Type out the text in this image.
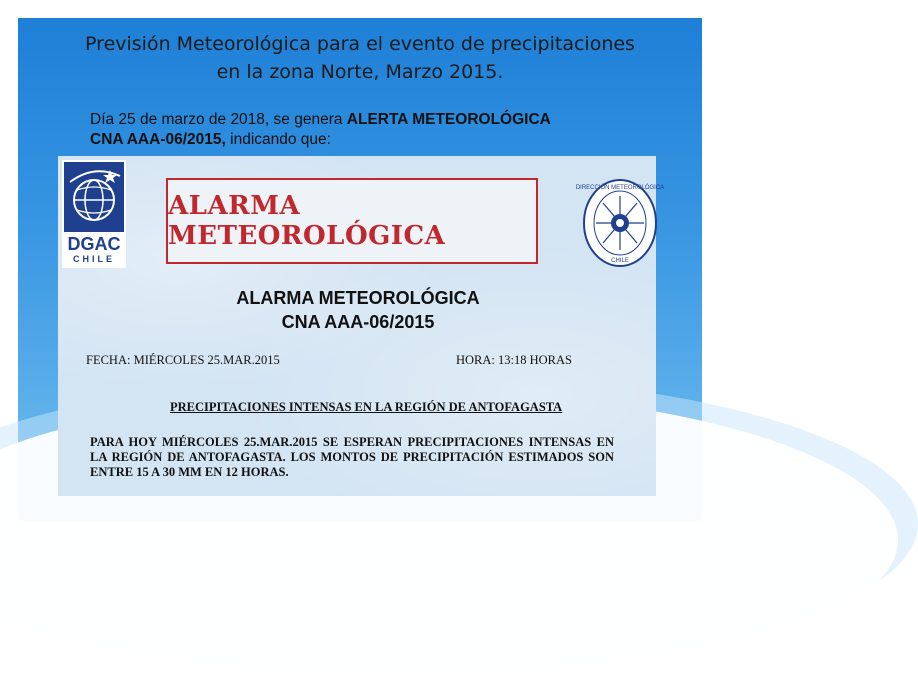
Previsión Meteorológica para el evento de precipitaciones
en la zona Norte, Marzo 2015.
Día 25 de marzo de 2018, se genera ALERTA METEOROLÓGICA
CNA AAA-06/2015, indicando que:
DGAC
CHILE
ALARMA METEOROLÓGICA
DIRECCIÓN METEOROLÓGICA
CHILE
ALARMA METEOROLÓGICA
CNA AAA-06/2015
FECHA: MIÉRCOLES 25.MAR.2015	HORA: 13:18 HORAS
PRECIPITACIONES INTENSAS EN LA REGIÓN DE ANTOFAGASTA
PARA HOY MIÉRCOLES 25.MAR.2015 SE ESPERAN PRECIPITACIONES INTENSAS EN LA REGIÓN DE ANTOFAGASTA. LOS MONTOS DE PRECIPITACIÓN ESTIMADOS SON ENTRE 15 A 30 MM EN 12 HORAS.
